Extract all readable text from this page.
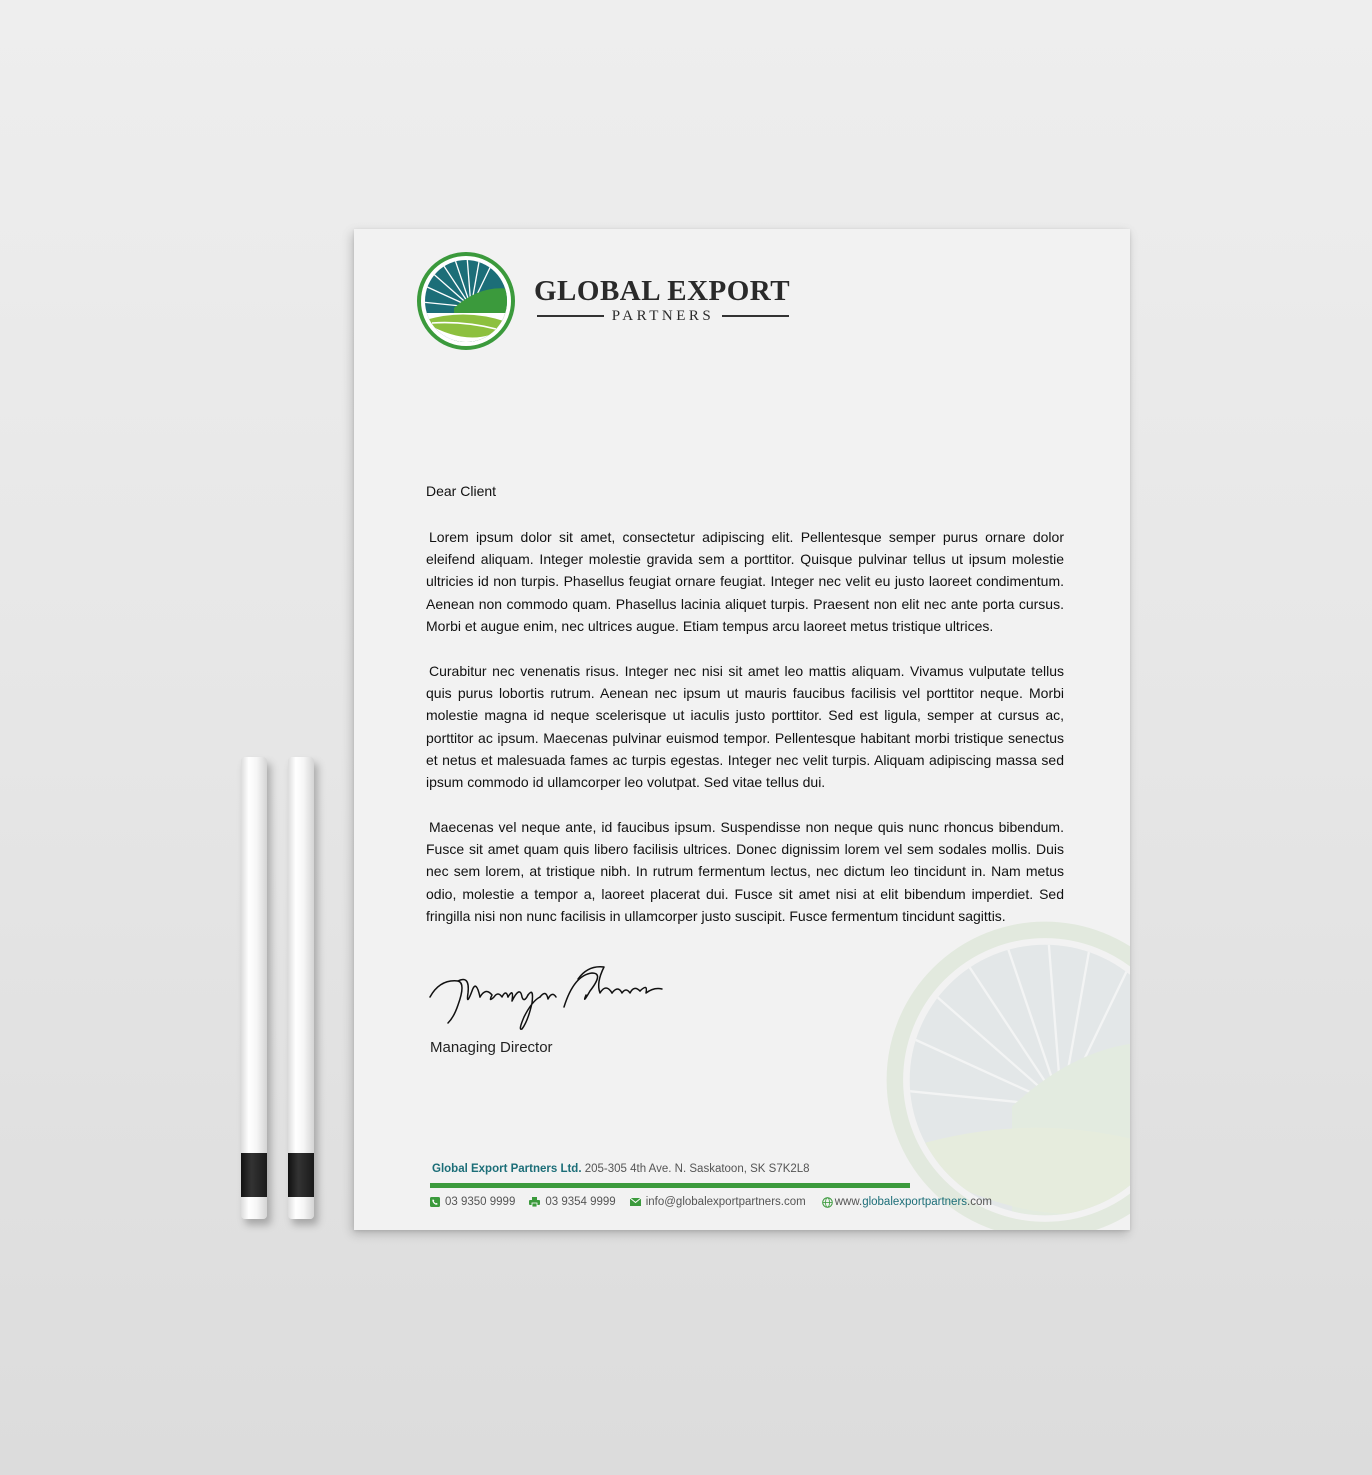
GLOBAL EXPORT
PARTNERS
Dear Client

Lorem ipsum dolor sit amet, consectetur adipiscing elit. Pellentesque semper purus ornare dolor eleifend aliquam. Integer molestie gravida sem a porttitor. Quisque pulvinar tellus ut ipsum molestie ultricies id non turpis. Phasellus feugiat ornare feugiat. Integer nec velit eu justo laoreet condimentum. Aenean non commodo quam. Phasellus lacinia aliquet turpis. Praesent non elit nec ante porta cursus. Morbi et augue enim, nec ultrices augue. Etiam tempus arcu laoreet metus tristique ultrices.

Curabitur nec venenatis risus. Integer nec nisi sit amet leo mattis aliquam. Vivamus vulputate tellus quis purus lobortis rutrum. Aenean nec ipsum ut mauris faucibus facilisis vel porttitor neque. Morbi molestie magna id neque scelerisque ut iaculis justo porttitor. Sed est ligula, semper at cursus ac, porttitor ac ipsum. Maecenas pulvinar euismod tempor. Pellentesque habitant morbi tristique senectus et netus et malesuada fames ac turpis egestas. Integer nec velit turpis. Aliquam adipiscing massa sed ipsum commodo id ullamcorper leo volutpat. Sed vitae tellus dui.

Maecenas vel neque ante, id faucibus ipsum. Suspendisse non neque quis nunc rhoncus bibendum. Fusce sit amet quam quis libero facilisis ultrices. Donec dignissim lorem vel sem sodales mollis. Duis nec sem lorem, at tristique nibh. In rutrum fermentum lectus, nec dictum leo tincidunt in. Nam metus odio, molestie a tempor a, laoreet placerat dui. Fusce sit amet nisi at elit bibendum imperdiet. Sed fringilla nisi non nunc facilisis in ullamcorper justo suscipit. Fusce fermentum tincidunt sagittis.

Managing Director
Global Export Partners Ltd. 205-305 4th Ave. N. Saskatoon, SK S7K2L8
03 9350 9999	03 9354 9999	info@globalexportpartners.com	www.globalexportpartners.com
